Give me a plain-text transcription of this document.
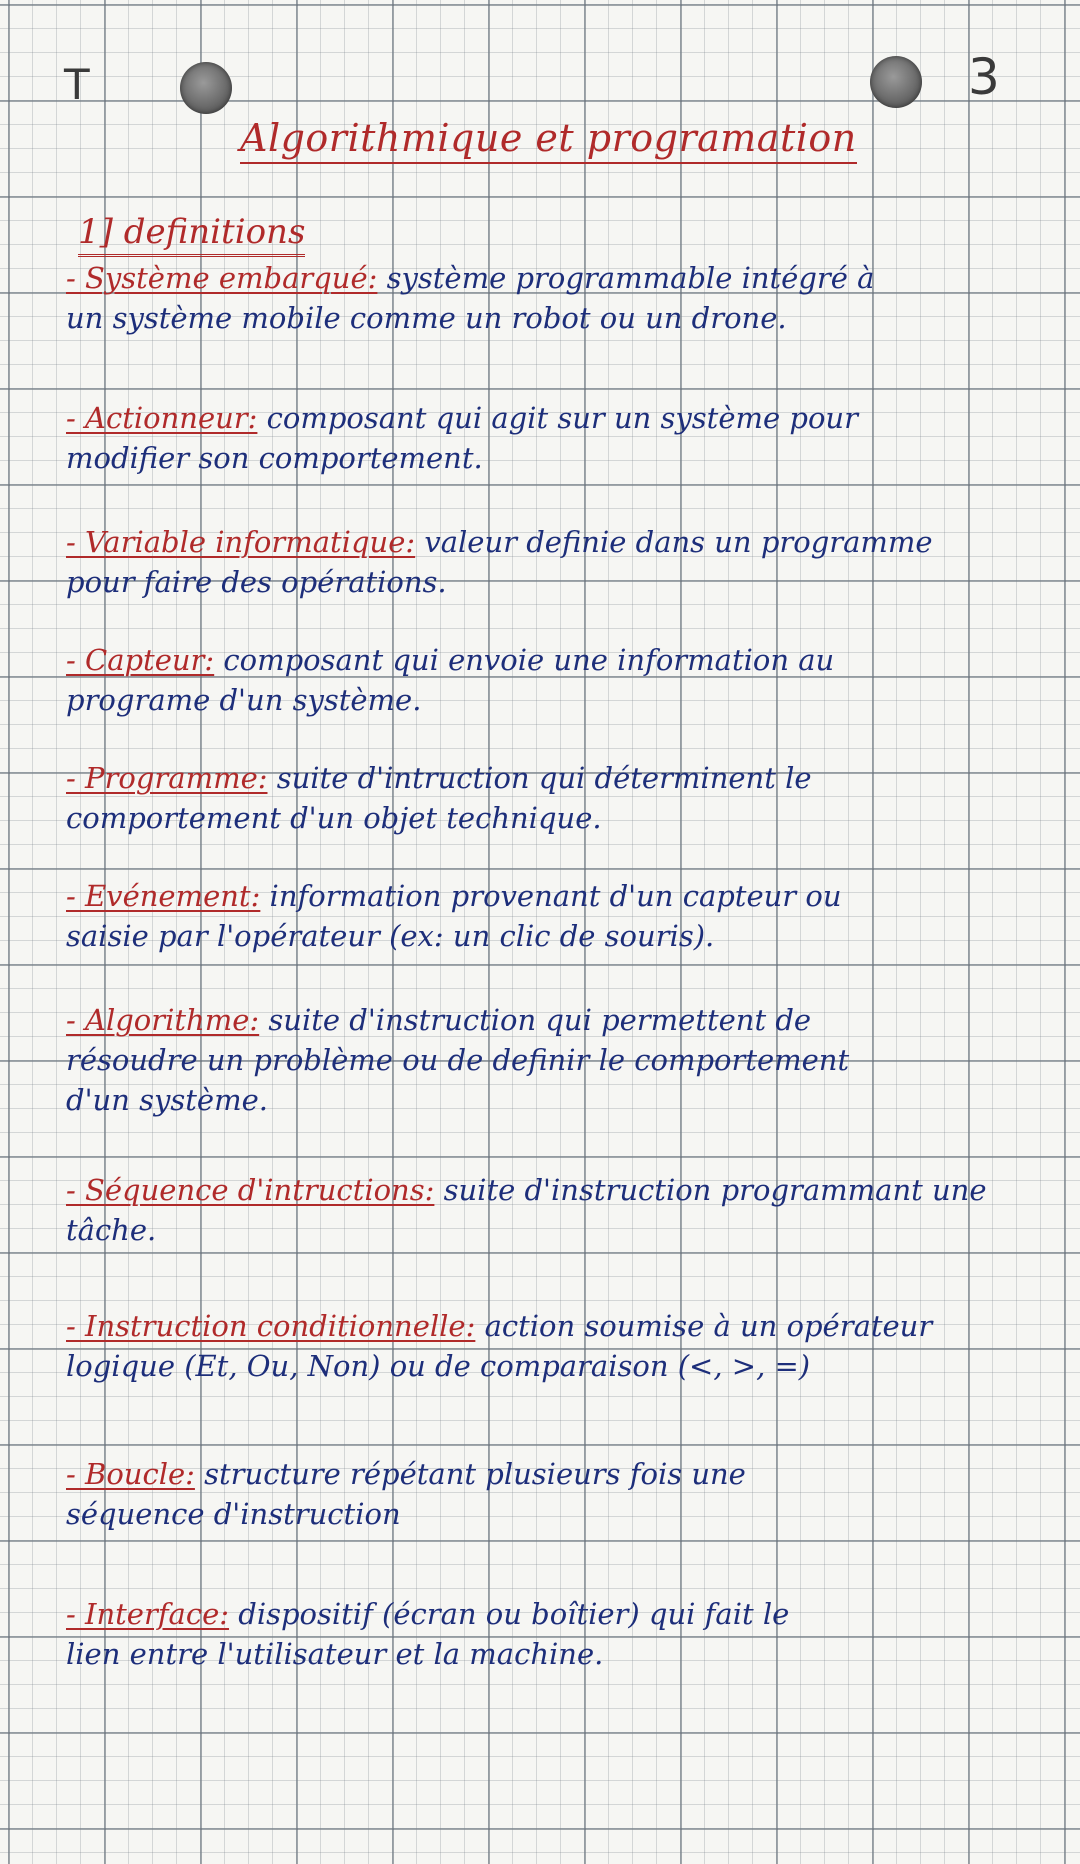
T	3
Algorithmique et programation
1] definitions
- Système embarqué: système programmable intégré à
un système mobile comme un robot ou un drone.
- Actionneur: composant qui agit sur un système pour
modifier son comportement.
- Variable informatique: valeur definie dans un programme
pour faire des opérations.
- Capteur: composant qui envoie une information au
programe d'un système.
- Programme: suite d'intruction qui déterminent le
comportement d'un objet technique.
- Evénement: information provenant d'un capteur ou
saisie par l'opérateur (ex: un clic de souris).
- Algorithme: suite d'instruction qui permettent de
résoudre un problème ou de definir le comportement
d'un système.
- Séquence d'intructions: suite d'instruction programmant une
tâche.
- Instruction conditionnelle: action soumise à un opérateur
logique (Et, Ou, Non) ou de comparaison (<, >, =)
- Boucle: structure répétant plusieurs fois une
séquence d'instruction
- Interface: dispositif (écran ou boîtier) qui fait le
lien entre l'utilisateur et la machine.
